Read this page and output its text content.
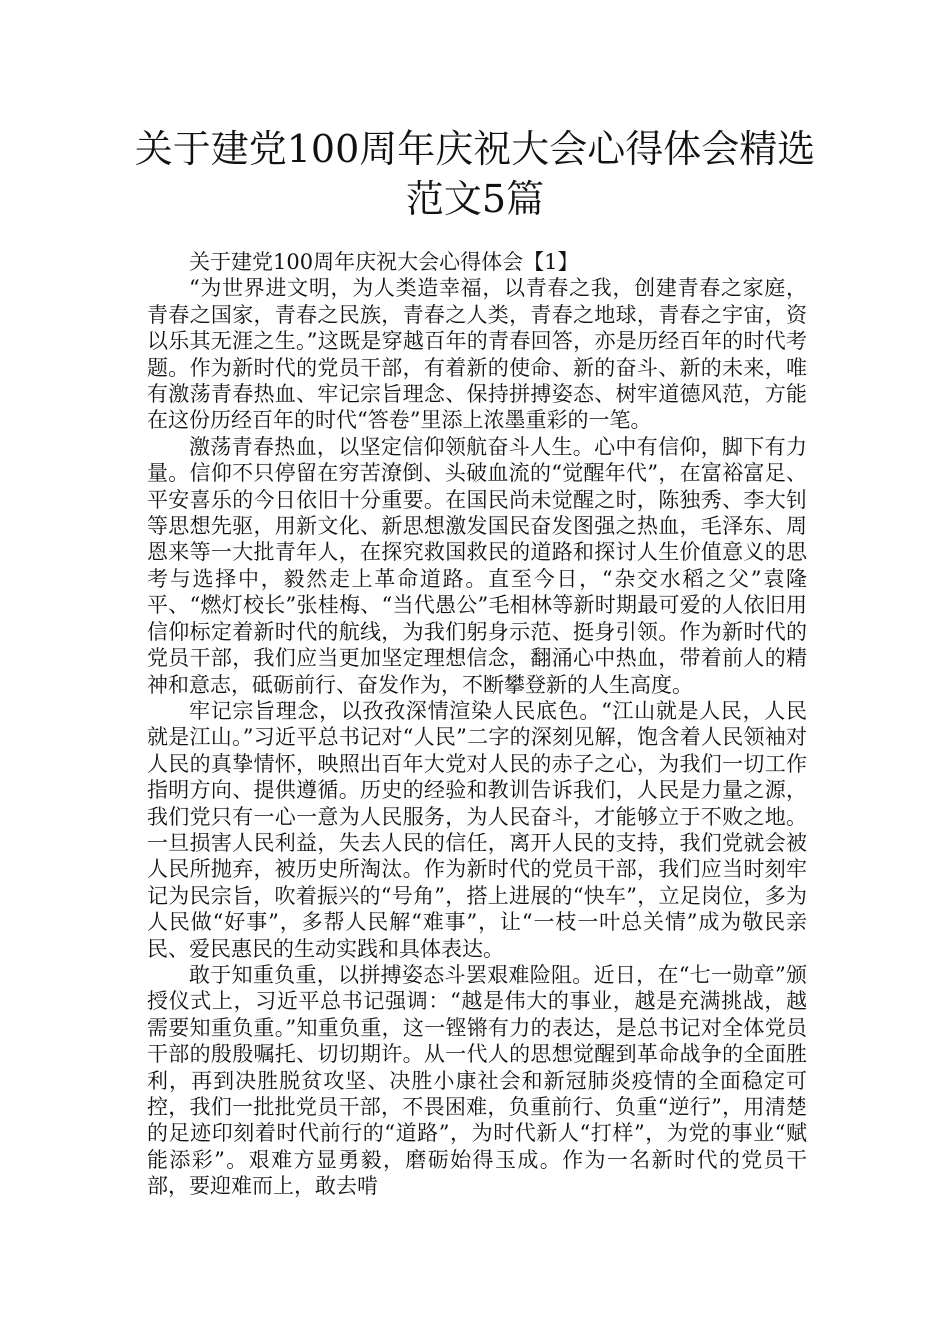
关于建党100周年庆祝大会心得体会精选
范文5篇

关于建党100周年庆祝大会心得体会【1】

“为世界进文明，为人类造幸福，以青春之我，创建青春之家庭，青春之国家，青春之民族，青春之人类，青春之地球，青春之宇宙，资以乐其无涯之生。”这既是穿越百年的青春回答，亦是历经百年的时代考题。作为新时代的党员干部，有着新的使命、新的奋斗、新的未来，唯有激荡青春热血、牢记宗旨理念、保持拼搏姿态、树牢道德风范，方能在这份历经百年的时代“答卷”里添上浓墨重彩的一笔。

激荡青春热血，以坚定信仰领航奋斗人生。心中有信仰，脚下有力量。信仰不只停留在穷苦潦倒、头破血流的“觉醒年代”，在富裕富足、平安喜乐的今日依旧十分重要。在国民尚未觉醒之时，陈独秀、李大钊等思想先驱，用新文化、新思想激发国民奋发图强之热血，毛泽东、周恩来等一大批青年人，在探究救国救民的道路和探讨人生价值意义的思考与选择中，毅然走上革命道路。直至今日，“杂交水稻之父”袁隆平、“燃灯校长”张桂梅、“当代愚公”毛相林等新时期最可爱的人依旧用信仰标定着新时代的航线，为我们躬身示范、挺身引领。作为新时代的党员干部，我们应当更加坚定理想信念，翻涌心中热血，带着前人的精神和意志，砥砺前行、奋发作为，不断攀登新的人生高度。

牢记宗旨理念，以孜孜深情渲染人民底色。“江山就是人民，人民就是江山。”习近平总书记对“人民”二字的深刻见解，饱含着人民领袖对人民的真挚情怀，映照出百年大党对人民的赤子之心，为我们一切工作指明方向、提供遵循。历史的经验和教训告诉我们，人民是力量之源，我们党只有一心一意为人民服务，为人民奋斗，才能够立于不败之地。一旦损害人民利益，失去人民的信任，离开人民的支持，我们党就会被人民所抛弃，被历史所淘汰。作为新时代的党员干部，我们应当时刻牢记为民宗旨，吹着振兴的“号角”，搭上进展的“快车”，立足岗位，多为人民做“好事”，多帮人民解“难事”，让“一枝一叶总关情”成为敬民亲民、爱民惠民的生动实践和具体表达。

敢于知重负重，以拼搏姿态斗罢艰难险阻。近日，在“七一勋章”颁授仪式上，习近平总书记强调：“越是伟大的事业，越是充满挑战，越需要知重负重。”知重负重，这一铿锵有力的表达，是总书记对全体党员干部的殷殷嘱托、切切期许。从一代人的思想觉醒到革命战争的全面胜利，再到决胜脱贫攻坚、决胜小康社会和新冠肺炎疫情的全面稳定可控，我们一批批党员干部，不畏困难，负重前行、负重“逆行”，用清楚的足迹印刻着时代前行的“道路”，为时代新人“打样”，为党的事业“赋能添彩”。艰难方显勇毅，磨砺始得玉成。作为一名新时代的党员干部，要迎难而上，敢去啃
